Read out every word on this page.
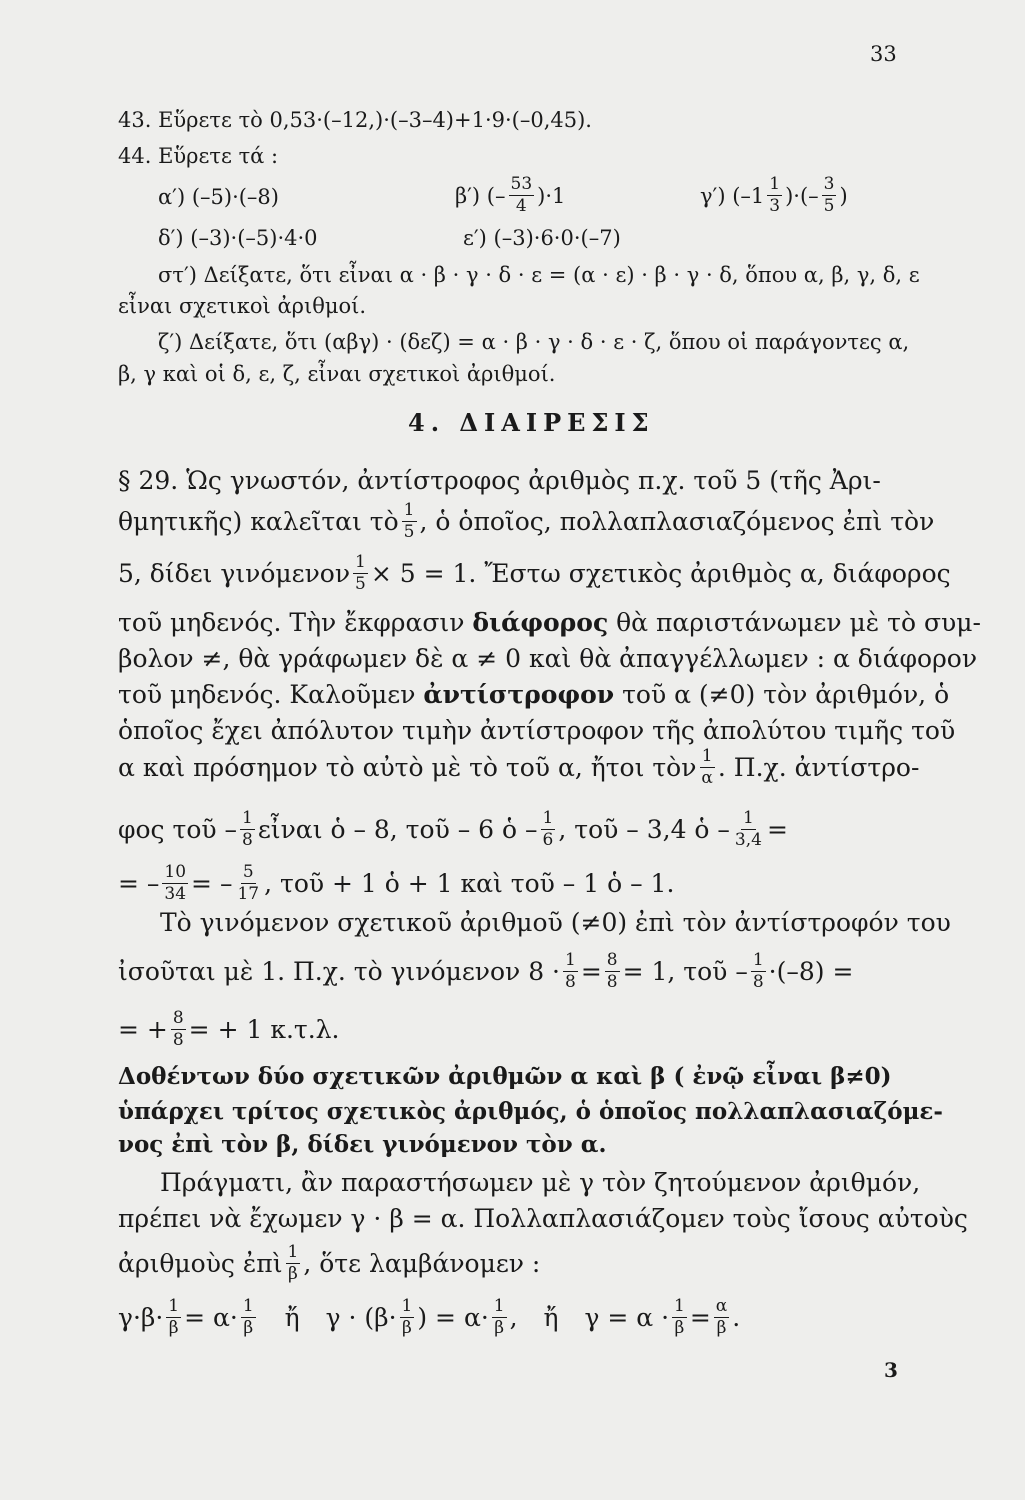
33
43. Εὕρετε τὸ 0,53·(–12,)·(–3–4)+1·9·(–0,45).
44. Εὕρετε τά :
α′) (–5)·(–8)	β′) (– $\frac{53}{4} )\cdot 1$	γ′) ($-1 \frac{1}{3}$ )·(– $\frac{3}{5}$ )
δ′) (–3)·(–5)·4·0	ε′) (–3)·6·0·(–7)
στ′) Δείξατε, ὅτι εἶναι α · β · γ · δ · ε = (α · ε) · β · γ · δ, ὅπου α, β, γ, δ, ε
εἶναι σχετικοὶ ἀριθμοί.
ζ′) Δείξατε, ὅτι (αβγ) · (δεζ) = α · β · γ · δ · ε · ζ, ὅπου οἱ παράγοντες α,
β, γ καὶ οἱ δ, ε, ζ, εἶναι σχετικοὶ ἀριθμοί.
4. ΔΙΑΙΡΕΣΙΣ
§ 29. Ὡς γνωστόν, ἀντίστροφος ἀριθμὸς π.χ. τοῦ 5 (τῆς Ἀρι-
θμητικῆς) καλεῖται τὸ $\frac{1}{5}$ , ὁ ὁποῖος, πολλαπλασιαζόμενος ἐπὶ τὸν
5, δίδει γινόμενον $\frac{1}{5} \times 5 = 1$. Ἔστω σχετικὸς ἀριθμὸς α, διάφορος
τοῦ μηδενός. Τὴν ἔκφρασιν διάφορος θὰ παριστάνωμεν μὲ τὸ συμ-
βολον ≠, θὰ γράφωμεν δὲ α ≠ 0 καὶ θὰ ἀπαγγέλλωμεν : α διάφορον
τοῦ μηδενός. Καλοῦμεν ἀντίστροφον τοῦ α (≠0) τὸν ἀριθμόν, ὁ
ὁποῖος ἔχει ἀπόλυτον τιμὴν ἀντίστροφον τῆς ἀπολύτου τιμῆς τοῦ
α καὶ πρόσημον τὸ αὐτὸ μὲ τὸ τοῦ α, ἤτοι τὸν $\frac{1}{\alpha}$ . Π.χ. ἀντίστρο-
φος τοῦ – $\frac{1}{8}$ εἶναι ὁ – 8, τοῦ – 6 ὁ – $\frac{1}{6}$ , τοῦ – 3,4 ὁ – $\frac{1}{3,4}$ =
= – $\frac{10}{34}$ = – $\frac{5}{17}$ , τοῦ + 1 ὁ + 1 καὶ τοῦ – 1 ὁ – 1.
Τὸ γινόμενον σχετικοῦ ἀριθμοῦ (≠0) ἐπὶ τὸν ἀντίστροφόν του
ἰσοῦται μὲ 1. Π.χ. τὸ γινόμενον $8 \cdot \frac{1}{8} = \frac{8}{8} = 1$, τοῦ – $\frac{1}{8} \cdot(-8)$ =
= + $\frac{8}{8}$ = + 1 κ.τ.λ.
Δοθέντων δύο σχετικῶν ἀριθμῶν α καὶ β ( ἐνῷ εἶναι β≠0)
ὑπάρχει τρίτος σχετικὸς ἀριθμός, ὁ ὁποῖος πολλαπλασιαζόμε-
νος ἐπὶ τὸν β, δίδει γινόμενον τὸν α.
Πράγματι, ἂν παραστήσωμεν μὲ γ τὸν ζητούμενον ἀριθμόν,
πρέπει νὰ ἔχωμεν γ · β = α. Πολλαπλασιάζομεν τοὺς ἴσους αὐτοὺς
ἀριθμοὺς ἐπὶ $\frac{1}{\beta}$ , ὅτε λαμβάνομεν :
$\gamma\cdot\beta\cdot \frac{1}{\beta} = \alpha\cdot \frac{1}{\beta}$ ἤ $\gamma \cdot (\beta\cdot \frac{1}{\beta}$ ) = $\alpha\cdot \frac{1}{\beta}$ , ἤ $\gamma = \alpha \cdot \frac{1}{\beta} = \frac{\alpha}{\beta}$ .
3
